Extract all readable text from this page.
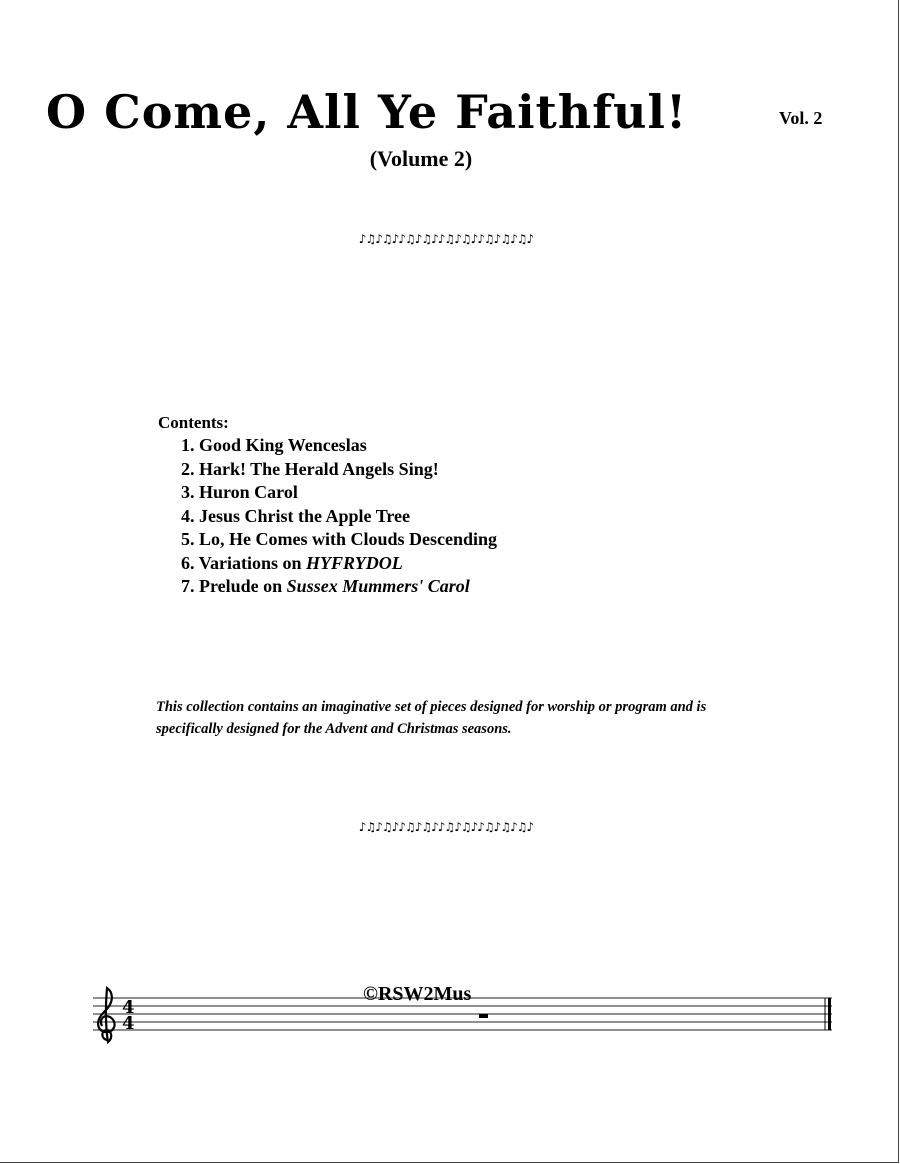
O Come, All Ye Faithful!	Vol. 2
(Volume 2)
♪♫♪♫♪♪♫♪♫♪♪♫♪♫♪♪♫♪♫♪♫♪
Contents:
1. Good King Wenceslas
2. Hark! The Herald Angels Sing!
3. Huron Carol
4. Jesus Christ the Apple Tree
5. Lo, He Comes with Clouds Descending
6. Variations on HYFRYDOL
7. Prelude on Sussex Mummers' Carol
This collection contains an imaginative set of pieces designed for worship or program and is specifically designed for the Advent and Christmas seasons.
♪♫♪♫♪♪♫♪♫♪♪♫♪♫♪♪♫♪♫♪♫♪
4
4
©RSW2Mus
